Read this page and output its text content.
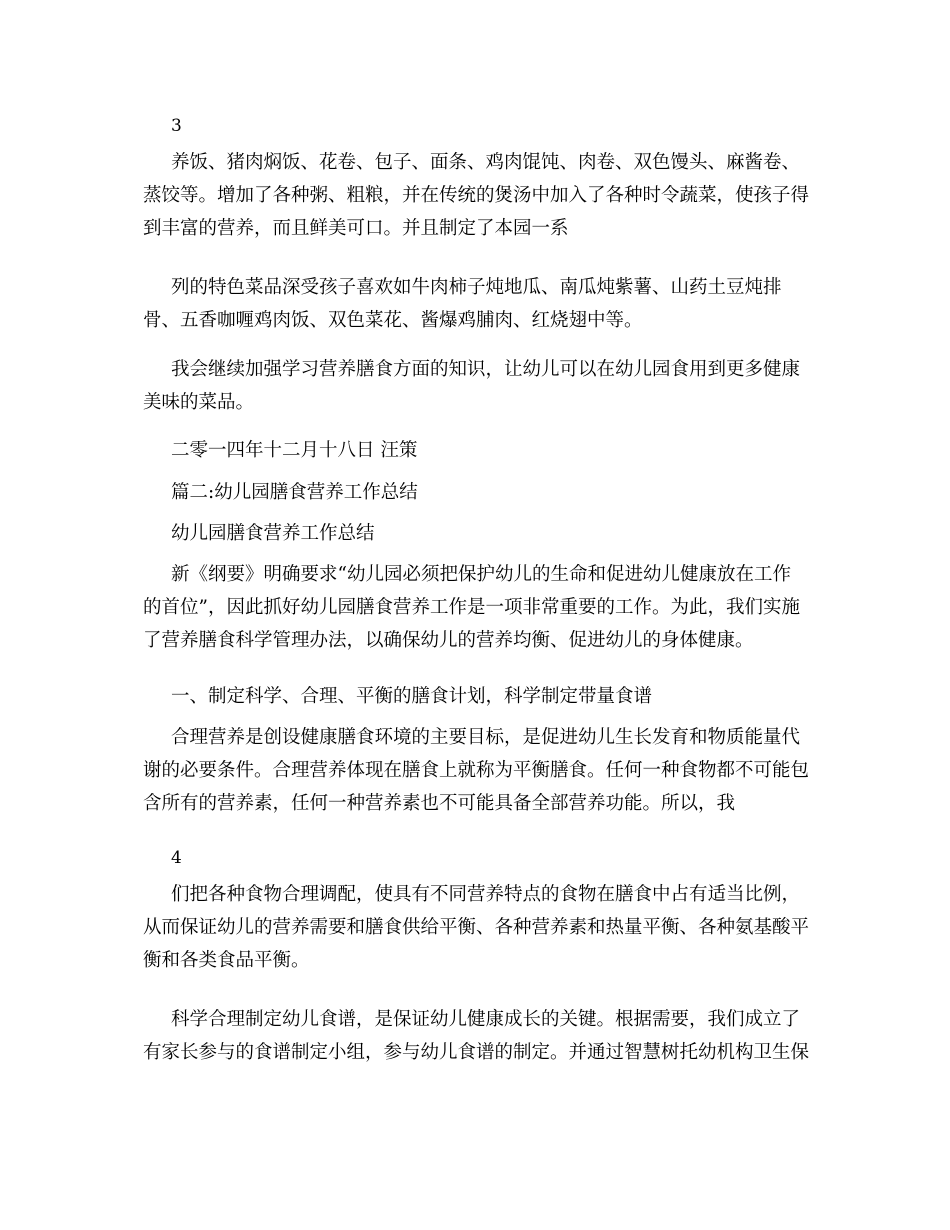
3
养饭、猪肉焖饭、花卷、包子、面条、鸡肉馄饨、肉卷、双色馒头、麻酱卷、
蒸饺等。增加了各种粥、粗粮，并在传统的煲汤中加入了各种时令蔬菜，使孩子得
到丰富的营养，而且鲜美可口。并且制定了本园一系
列的特色菜品深受孩子喜欢如牛肉柿子炖地瓜、南瓜炖紫薯、山药土豆炖排
骨、五香咖喱鸡肉饭、双色菜花、酱爆鸡脯肉、红烧翅中等。
我会继续加强学习营养膳食方面的知识，让幼儿可以在幼儿园食用到更多健康
美味的菜品。
二零一四年十二月十八日 汪策
篇二:幼儿园膳食营养工作总结
幼儿园膳食营养工作总结
新《纲要》明确要求“幼儿园必须把保护幼儿的生命和促进幼儿健康放在工作
的首位”，因此抓好幼儿园膳食营养工作是一项非常重要的工作。为此，我们实施
了营养膳食科学管理办法，以确保幼儿的营养均衡、促进幼儿的身体健康。
一、制定科学、合理、平衡的膳食计划，科学制定带量食谱
合理营养是创设健康膳食环境的主要目标，是促进幼儿生长发育和物质能量代
谢的必要条件。合理营养体现在膳食上就称为平衡膳食。任何一种食物都不可能包
含所有的营养素，任何一种营养素也不可能具备全部营养功能。所以，我
4
们把各种食物合理调配，使具有不同营养特点的食物在膳食中占有适当比例，
从而保证幼儿的营养需要和膳食供给平衡、各种营养素和热量平衡、各种氨基酸平
衡和各类食品平衡。
科学合理制定幼儿食谱，是保证幼儿健康成长的关键。根据需要，我们成立了
有家长参与的食谱制定小组，参与幼儿食谱的制定。并通过智慧树托幼机构卫生保
